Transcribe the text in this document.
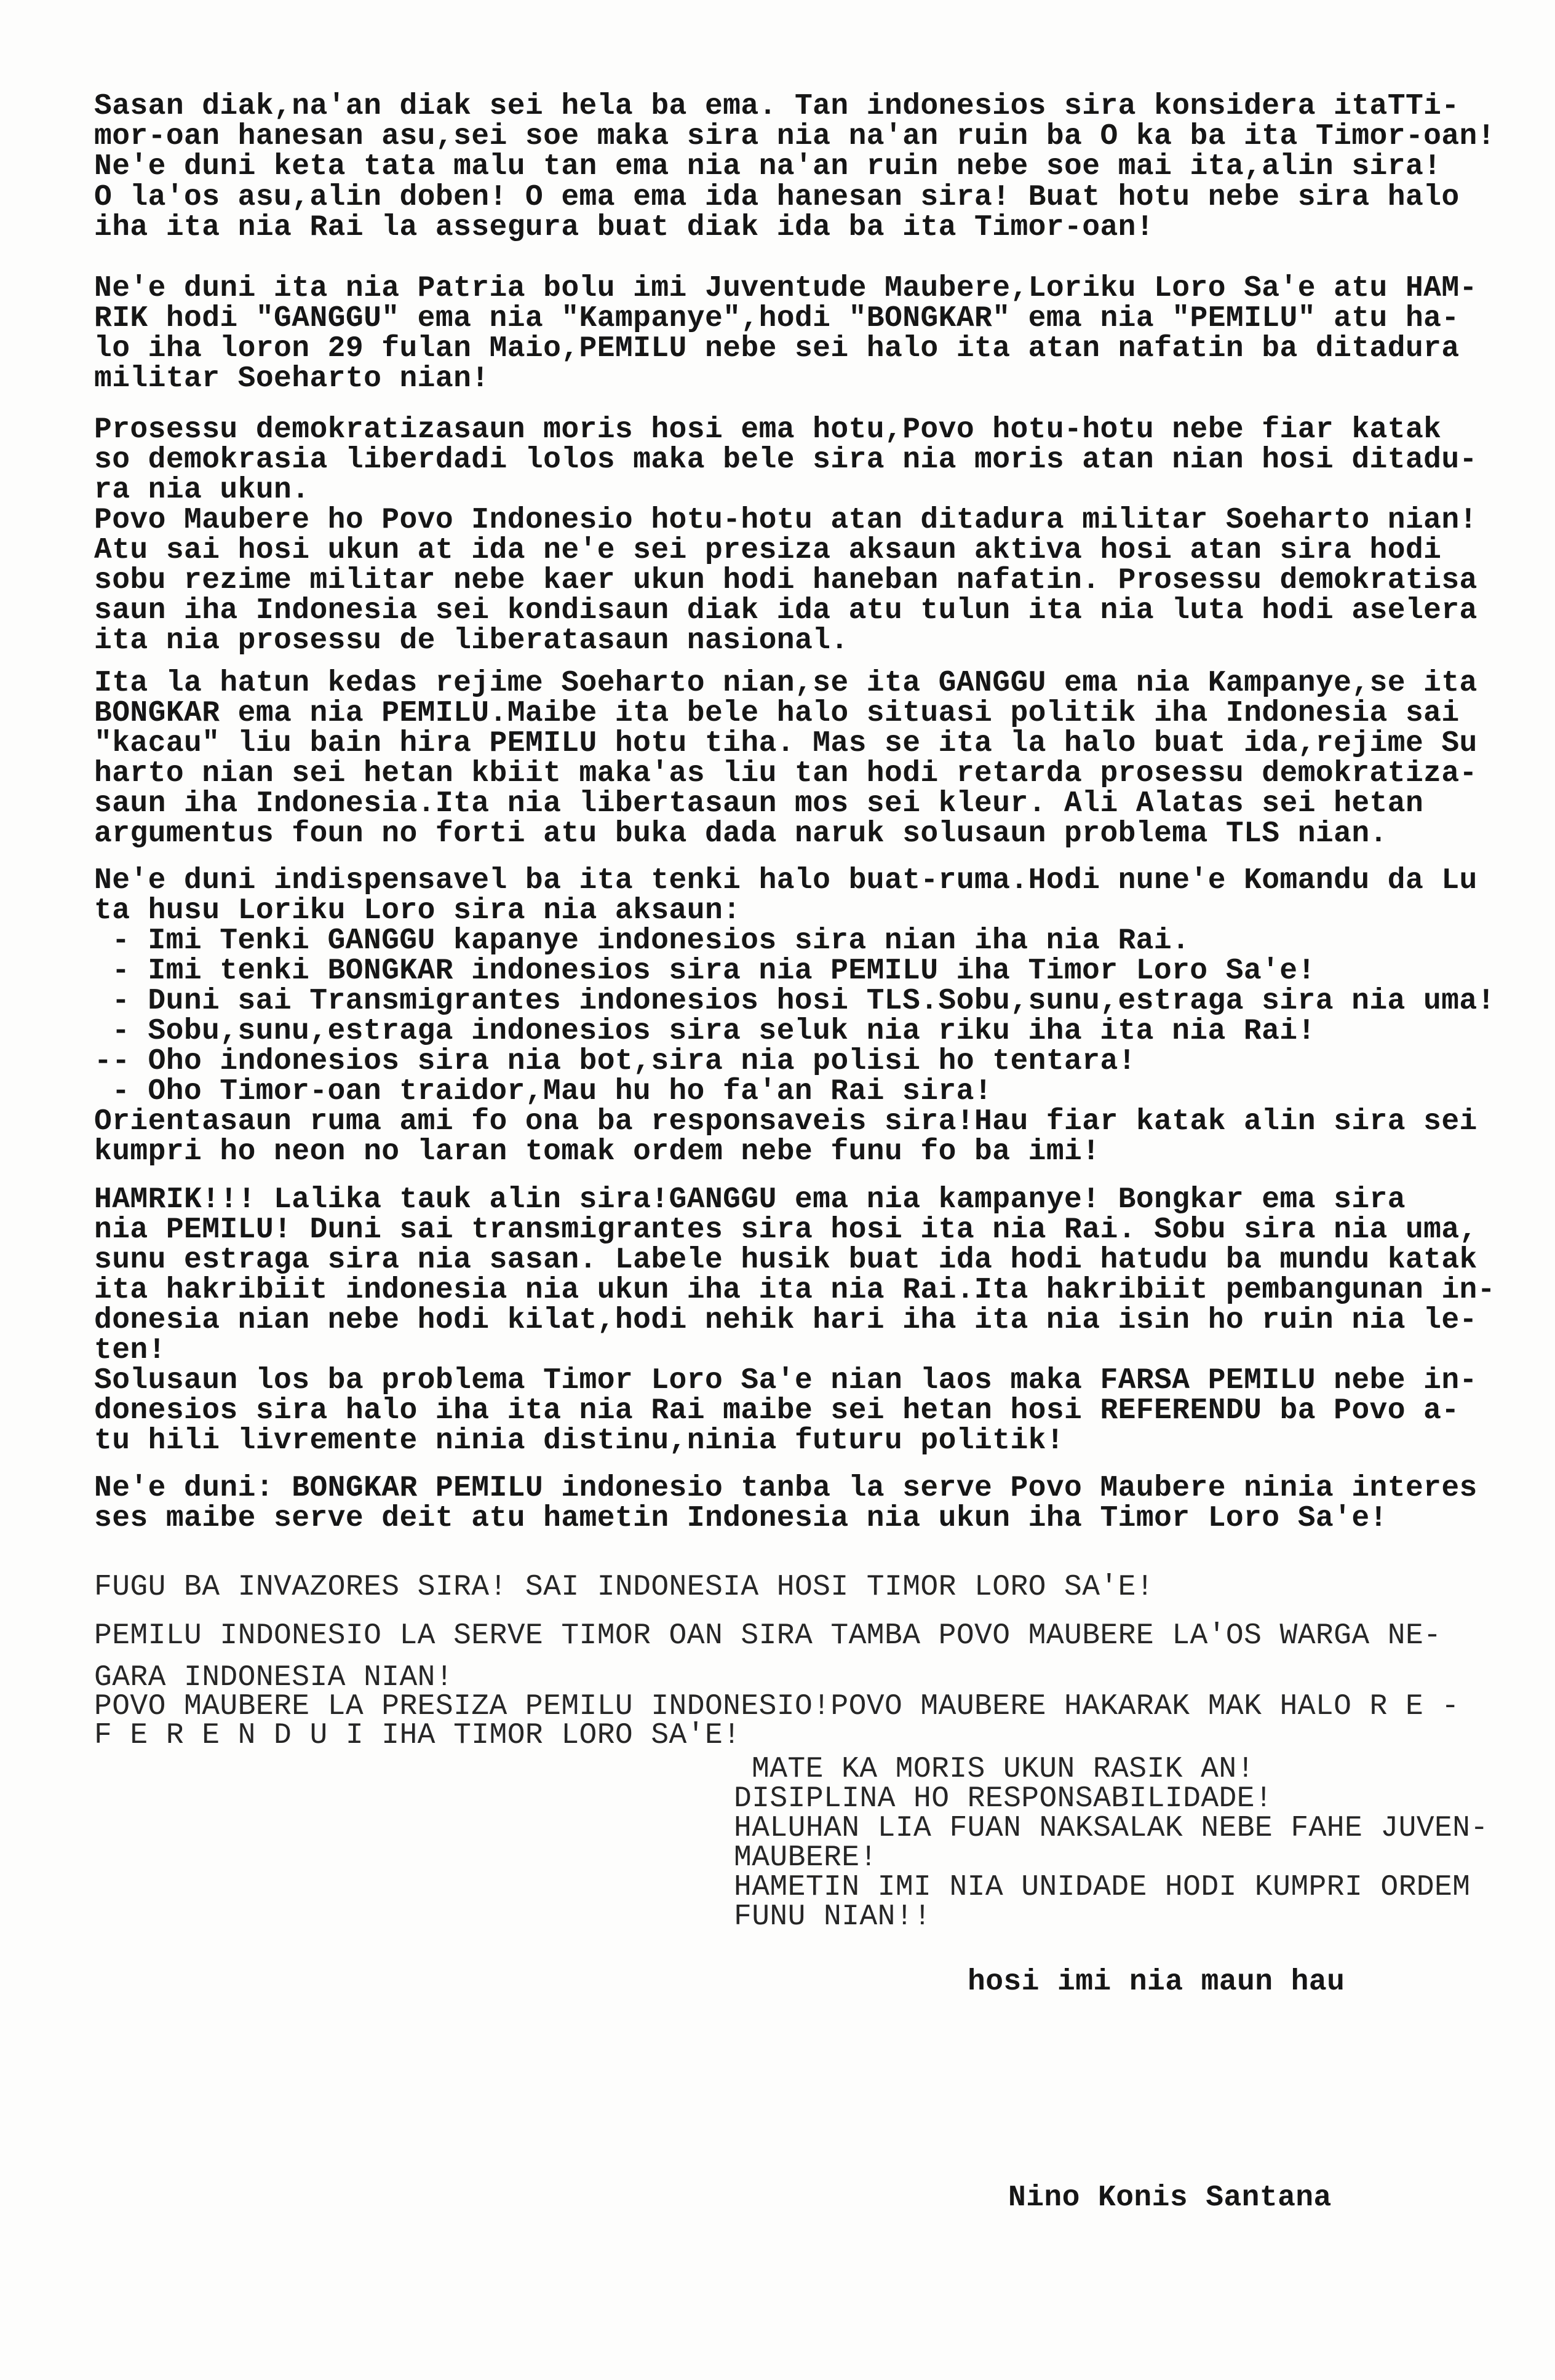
Sasan diak,na'an diak sei hela ba ema. Tan indonesios sira konsidera itaTTi-
mor-oan hanesan asu,sei soe maka sira nia na'an ruin ba O ka ba ita Timor-oan!
Ne'e duni keta tata malu tan ema nia na'an ruin nebe soe mai ita,alin sira!
O la'os asu,alin doben! O ema ema ida hanesan sira! Buat hotu nebe sira halo
iha ita nia Rai la assegura buat diak ida ba ita Timor-oan!
Ne'e duni ita nia Patria bolu imi Juventude Maubere,Loriku Loro Sa'e atu HAM-
RIK hodi "GANGGU" ema nia "Kampanye",hodi "BONGKAR" ema nia "PEMILU" atu ha-
lo iha loron 29 fulan Maio,PEMILU nebe sei halo ita atan nafatin ba ditadura
militar Soeharto nian!
Prosessu demokratizasaun moris hosi ema hotu,Povo hotu-hotu nebe fiar katak
so demokrasia liberdadi lolos maka bele sira nia moris atan nian hosi ditadu-
ra nia ukun.
Povo Maubere ho Povo Indonesio hotu-hotu atan ditadura militar Soeharto nian!
Atu sai hosi ukun at ida ne'e sei presiza aksaun aktiva hosi atan sira hodi
sobu rezime militar nebe kaer ukun hodi haneban nafatin. Prosessu demokratisa
saun iha Indonesia sei kondisaun diak ida atu tulun ita nia luta hodi aselera
ita nia prosessu de liberatasaun nasional.
Ita la hatun kedas rejime Soeharto nian,se ita GANGGU ema nia Kampanye,se ita
BONGKAR ema nia PEMILU.Maibe ita bele halo situasi politik iha Indonesia sai
"kacau" liu bain hira PEMILU hotu tiha. Mas se ita la halo buat ida,rejime Su
harto nian sei hetan kbiit maka'as liu tan hodi retarda prosessu demokratiza-
saun iha Indonesia.Ita nia libertasaun mos sei kleur. Ali Alatas sei hetan
argumentus foun no forti atu buka dada naruk solusaun problema TLS nian.
Ne'e duni indispensavel ba ita tenki halo buat-ruma.Hodi nune'e Komandu da Lu
ta husu Loriku Loro sira nia aksaun:
- Imi Tenki GANGGU kapanye indonesios sira nian iha nia Rai.
- Imi tenki BONGKAR indonesios sira nia PEMILU iha Timor Loro Sa'e!
- Duni sai Transmigrantes indonesios hosi TLS.Sobu,sunu,estraga sira nia uma!
- Sobu,sunu,estraga indonesios sira seluk nia riku iha ita nia Rai!
-- Oho indonesios sira nia bot,sira nia polisi ho tentara!
- Oho Timor-oan traidor,Mau hu ho fa'an Rai sira!
Orientasaun ruma ami fo ona ba responsaveis sira!Hau fiar katak alin sira sei
kumpri ho neon no laran tomak ordem nebe funu fo ba imi!
HAMRIK!!! Lalika tauk alin sira!GANGGU ema nia kampanye! Bongkar ema sira
nia PEMILU! Duni sai transmigrantes sira hosi ita nia Rai. Sobu sira nia uma,
sunu estraga sira nia sasan. Labele husik buat ida hodi hatudu ba mundu katak
ita hakribiit indonesia nia ukun iha ita nia Rai.Ita hakribiit pembangunan in-
donesia nian nebe hodi kilat,hodi nehik hari iha ita nia isin ho ruin nia le-
ten!
Solusaun los ba problema Timor Loro Sa'e nian laos maka FARSA PEMILU nebe in-
donesios sira halo iha ita nia Rai maibe sei hetan hosi REFERENDU ba Povo a-
tu hili livremente ninia distinu,ninia futuru politik!
Ne'e duni: BONGKAR PEMILU indonesio tanba la serve Povo Maubere ninia interes
ses maibe serve deit atu hametin Indonesia nia ukun iha Timor Loro Sa'e!
FUGU BA INVAZORES SIRA! SAI INDONESIA HOSI TIMOR LORO SA'E!
PEMILU INDONESIO LA SERVE TIMOR OAN SIRA TAMBA POVO MAUBERE LA'OS WARGA NE-
GARA INDONESIA NIAN!
POVO MAUBERE LA PRESIZA PEMILU INDONESIO!POVO MAUBERE HAKARAK MAK HALO R E -
F E R E N D U I IHA TIMOR LORO SA'E!
MATE KA MORIS UKUN RASIK AN!
DISIPLINA HO RESPONSABILIDADE!
HALUHAN LIA FUAN NAKSALAK NEBE FAHE JUVEN-
MAUBERE!
HAMETIN IMI NIA UNIDADE HODI KUMPRI ORDEM
FUNU NIAN!!
hosi imi nia maun hau
Nino Konis Santana
